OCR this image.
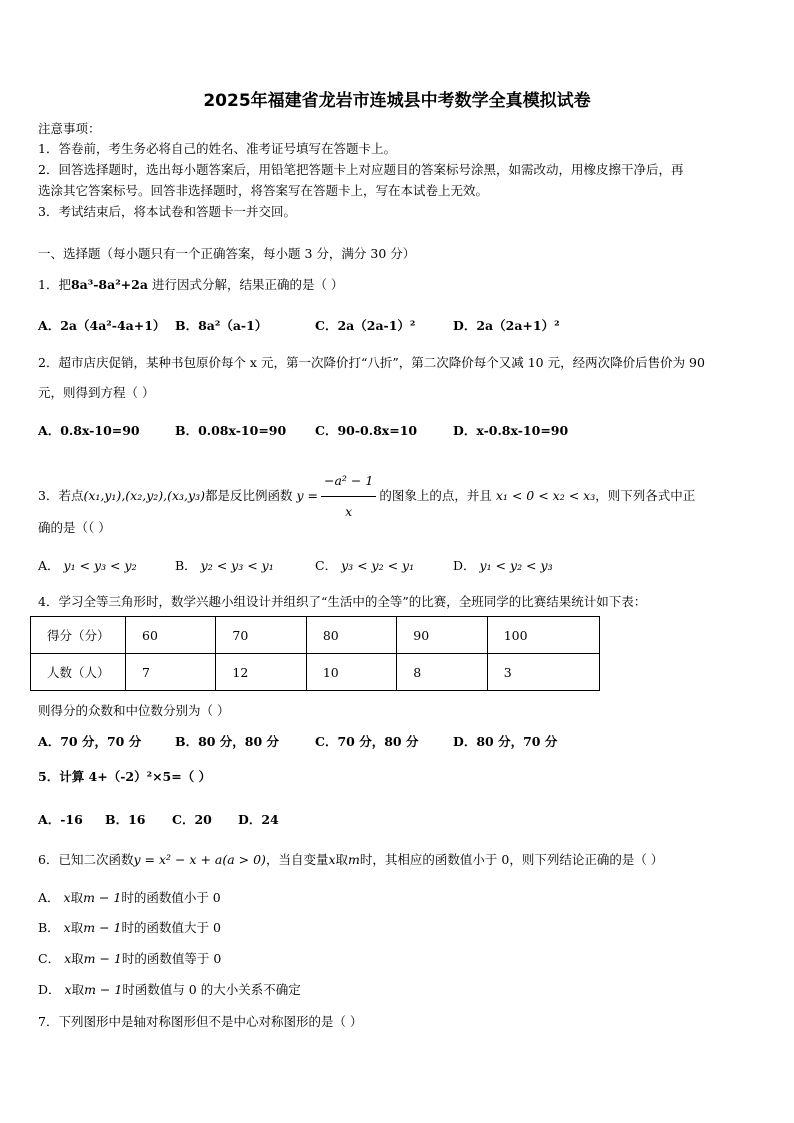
2025年福建省龙岩市连城县中考数学全真模拟试卷
注意事项：
1．答卷前，考生务必将自己的姓名、准考证号填写在答题卡上。
2．回答选择题时，选出每小题答案后，用铅笔把答题卡上对应题目的答案标号涂黑，如需改动，用橡皮擦干净后，再
选涂其它答案标号。回答非选择题时，将答案写在答题卡上，写在本试卷上无效。
3．考试结束后，将本试卷和答题卡一并交回。
一、选择题（每小题只有一个正确答案，每小题 3 分，满分 30 分）
1．把8a³-8a²+2a 进行因式分解，结果正确的是（ ）
A．2a（4a²-4a+1） B．8a²（a-1）	C．2a（2a-1）²	D．2a（2a+1）²
2．超市店庆促销，某种书包原价每个 x 元，第一次降价打“八折”，第二次降价每个又减 10 元，经两次降价后售价为 90
元，则得到方程（ ）
A．0.8x-10=90	B．0.08x-10=90 C．90-0.8x=10	D．x-0.8x-10=90
3．若点(x₁,y₁),(x₂,y₂),(x₃,y₃)都是反比例函数 $y = \frac{\text{−a² − 1}}{x}$ 的图象上的点，并且 x₁ < 0 < x₂ < x₃，则下列各式中正
确的是（（ ）
A． y₁ < y₃ < y₂	B． y₂ < y₃ < y₁	C． y₃ < y₂ < y₁	D． y₁ < y₂ < y₃
4．学习全等三角形时，数学兴趣小组设计并组织了“生活中的全等”的比赛，全班同学的比赛结果统计如下表：
得分（分）	60	70	80	90	100
人数（人）	7	12	10	8	3
则得分的众数和中位数分别为（ ）
A．70 分，70 分	B．80 分，80 分	C．70 分，80 分	D．80 分，70 分
5．计算 4+（-2）²×5=（ ）
A．-16 B．16 C．20 D．24
6．已知二次函数y = x² − x + a(a > 0)，当自变量x取m时，其相应的函数值小于 0，则下列结论正确的是（ ）
A． x取m − 1时的函数值小于 0
B． x取m − 1时的函数值大于 0
C． x取m − 1时的函数值等于 0
D． x取m − 1时函数值与 0 的大小关系不确定
7．下列图形中是轴对称图形但不是中心对称图形的是（ ）
